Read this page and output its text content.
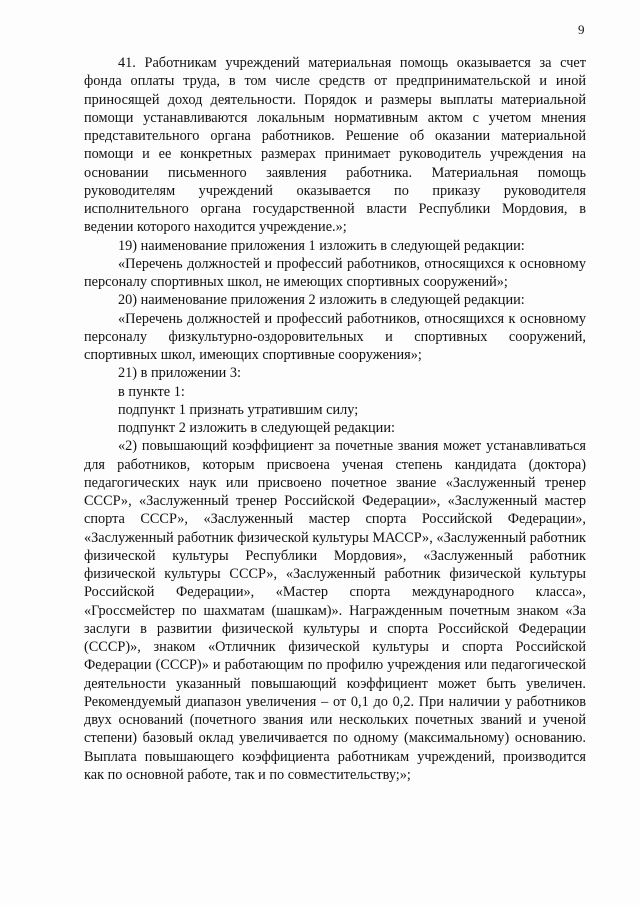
9

41. Работникам учреждений материальная помощь оказывается за счет фонда оплаты труда, в том числе средств от предпринимательской и иной приносящей доход деятельности. Порядок и размеры выплаты материальной помощи устанавливаются локальным нормативным актом с учетом мнения представительного органа работников. Решение об оказании материальной помощи и ее конкретных размерах принимает руководитель учреждения на основании письменного заявления работника. Материальная помощь руководителям учреждений оказывается по приказу руководителя исполнительного органа государственной власти Республики Мордовия, в ведении которого находится учреждение.»;

19) наименование приложения 1 изложить в следующей редакции:

«Перечень должностей и профессий работников, относящихся к основному персоналу спортивных школ, не имеющих спортивных сооружений»;

20) наименование приложения 2 изложить в следующей редакции:

«Перечень должностей и профессий работников, относящихся к основному персоналу физкультурно-оздоровительных и спортивных сооружений, спортивных школ, имеющих спортивные сооружения»;

21) в приложении 3:

в пункте 1:

подпункт 1 признать утратившим силу;

подпункт 2 изложить в следующей редакции:

«2) повышающий коэффициент за почетные звания может устанавливаться для работников, которым присвоена ученая степень кандидата (доктора) педагогических наук или присвоено почетное звание «Заслуженный тренер СССР», «Заслуженный тренер Российской Федерации», «Заслуженный мастер спорта СССР», «Заслуженный мастер спорта Российской Федерации», «Заслуженный работник физической культуры МАССР», «Заслуженный работник физической культуры Республики Мордовия», «Заслуженный работник физической культуры СССР», «Заслуженный работник физической культуры Российской Федерации», «Мастер спорта международного класса», «Гроссмейстер по шахматам (шашкам)». Награжденным почетным знаком «За заслуги в развитии физической культуры и спорта Российской Федерации (СССР)», знаком «Отличник физической культуры и спорта Российской Федерации (СССР)» и работающим по профилю учреждения или педагогической деятельности указанный повышающий коэффициент может быть увеличен. Рекомендуемый диапазон увеличения – от 0,1 до 0,2. При наличии у работников двух оснований (почетного звания или нескольких почетных званий и ученой степени) базовый оклад увеличивается по одному (максимальному) основанию. Выплата повышающего коэффициента работникам учреждений, производится как по основной работе, так и по совместительству;»;
